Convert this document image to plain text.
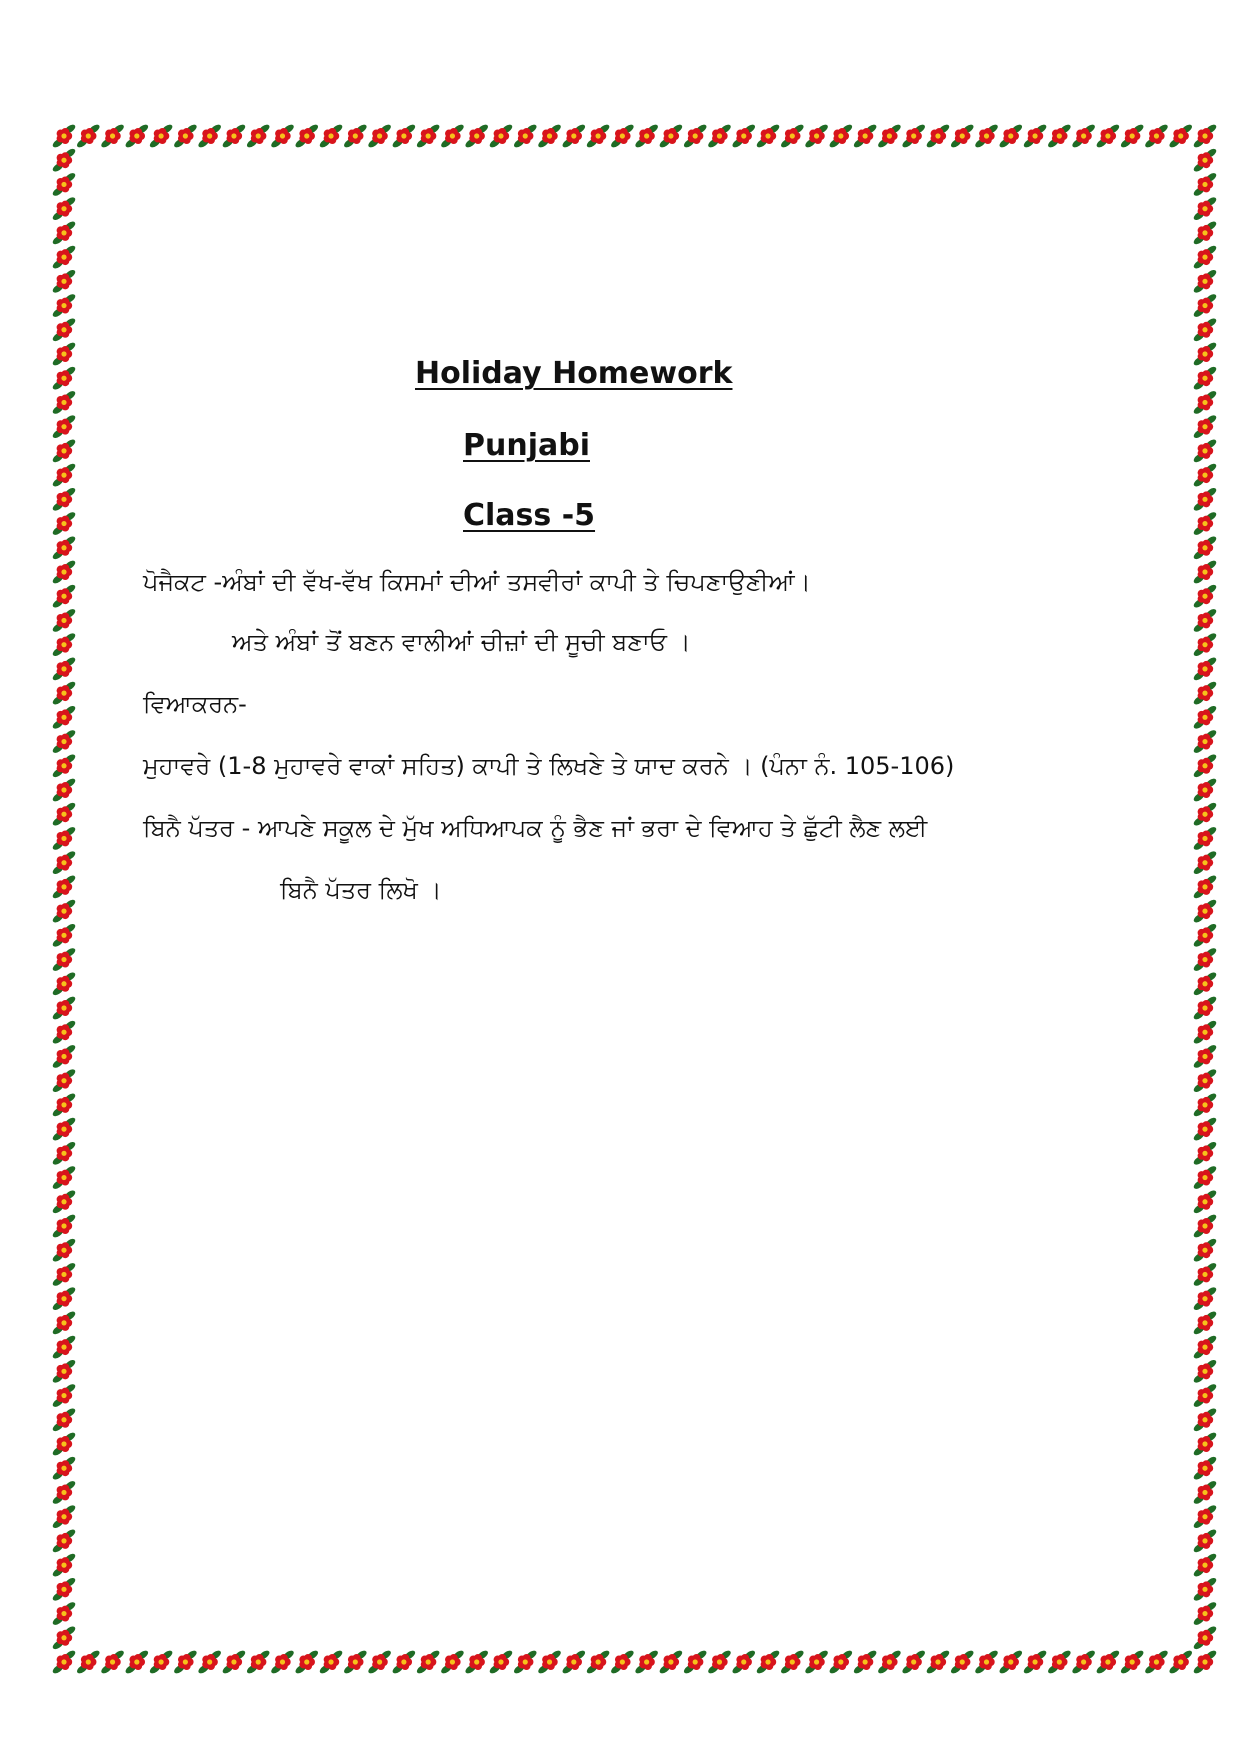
Holiday Homework
Punjabi
Class -5
ਪੋਜੈਕਟ -ਅੰਬਾਂ ਦੀ ਵੱਖ-ਵੱਖ ਕਿਸਮਾਂ ਦੀਆਂ ਤਸਵੀਰਾਂ ਕਾਪੀ ਤੇ ਚਿਪਣਾਉਣੀਆਂ।
ਅਤੇ ਅੰਬਾਂ ਤੋਂ ਬਣਨ ਵਾਲੀਆਂ ਚੀਜ਼ਾਂ ਦੀ ਸੂਚੀ ਬਣਾਓ ।
ਵਿਆਕਰਨ-
ਮੁਹਾਵਰੇ (1-8 ਮੁਹਾਵਰੇ ਵਾਕਾਂ ਸਹਿਤ) ਕਾਪੀ ਤੇ ਲਿਖਣੇ ਤੇ ਯਾਦ ਕਰਨੇ । (ਪੰਨਾ ਨੰ. 105-106)
ਬਿਨੈ ਪੱਤਰ - ਆਪਣੇ ਸਕੂਲ ਦੇ ਮੁੱਖ ਅਧਿਆਪਕ ਨੂੰ ਭੈਣ ਜਾਂ ਭਰਾ ਦੇ ਵਿਆਹ ਤੇ ਛੁੱਟੀ ਲੈਣ ਲਈ
ਬਿਨੈ ਪੱਤਰ ਲਿਖੋ ।
